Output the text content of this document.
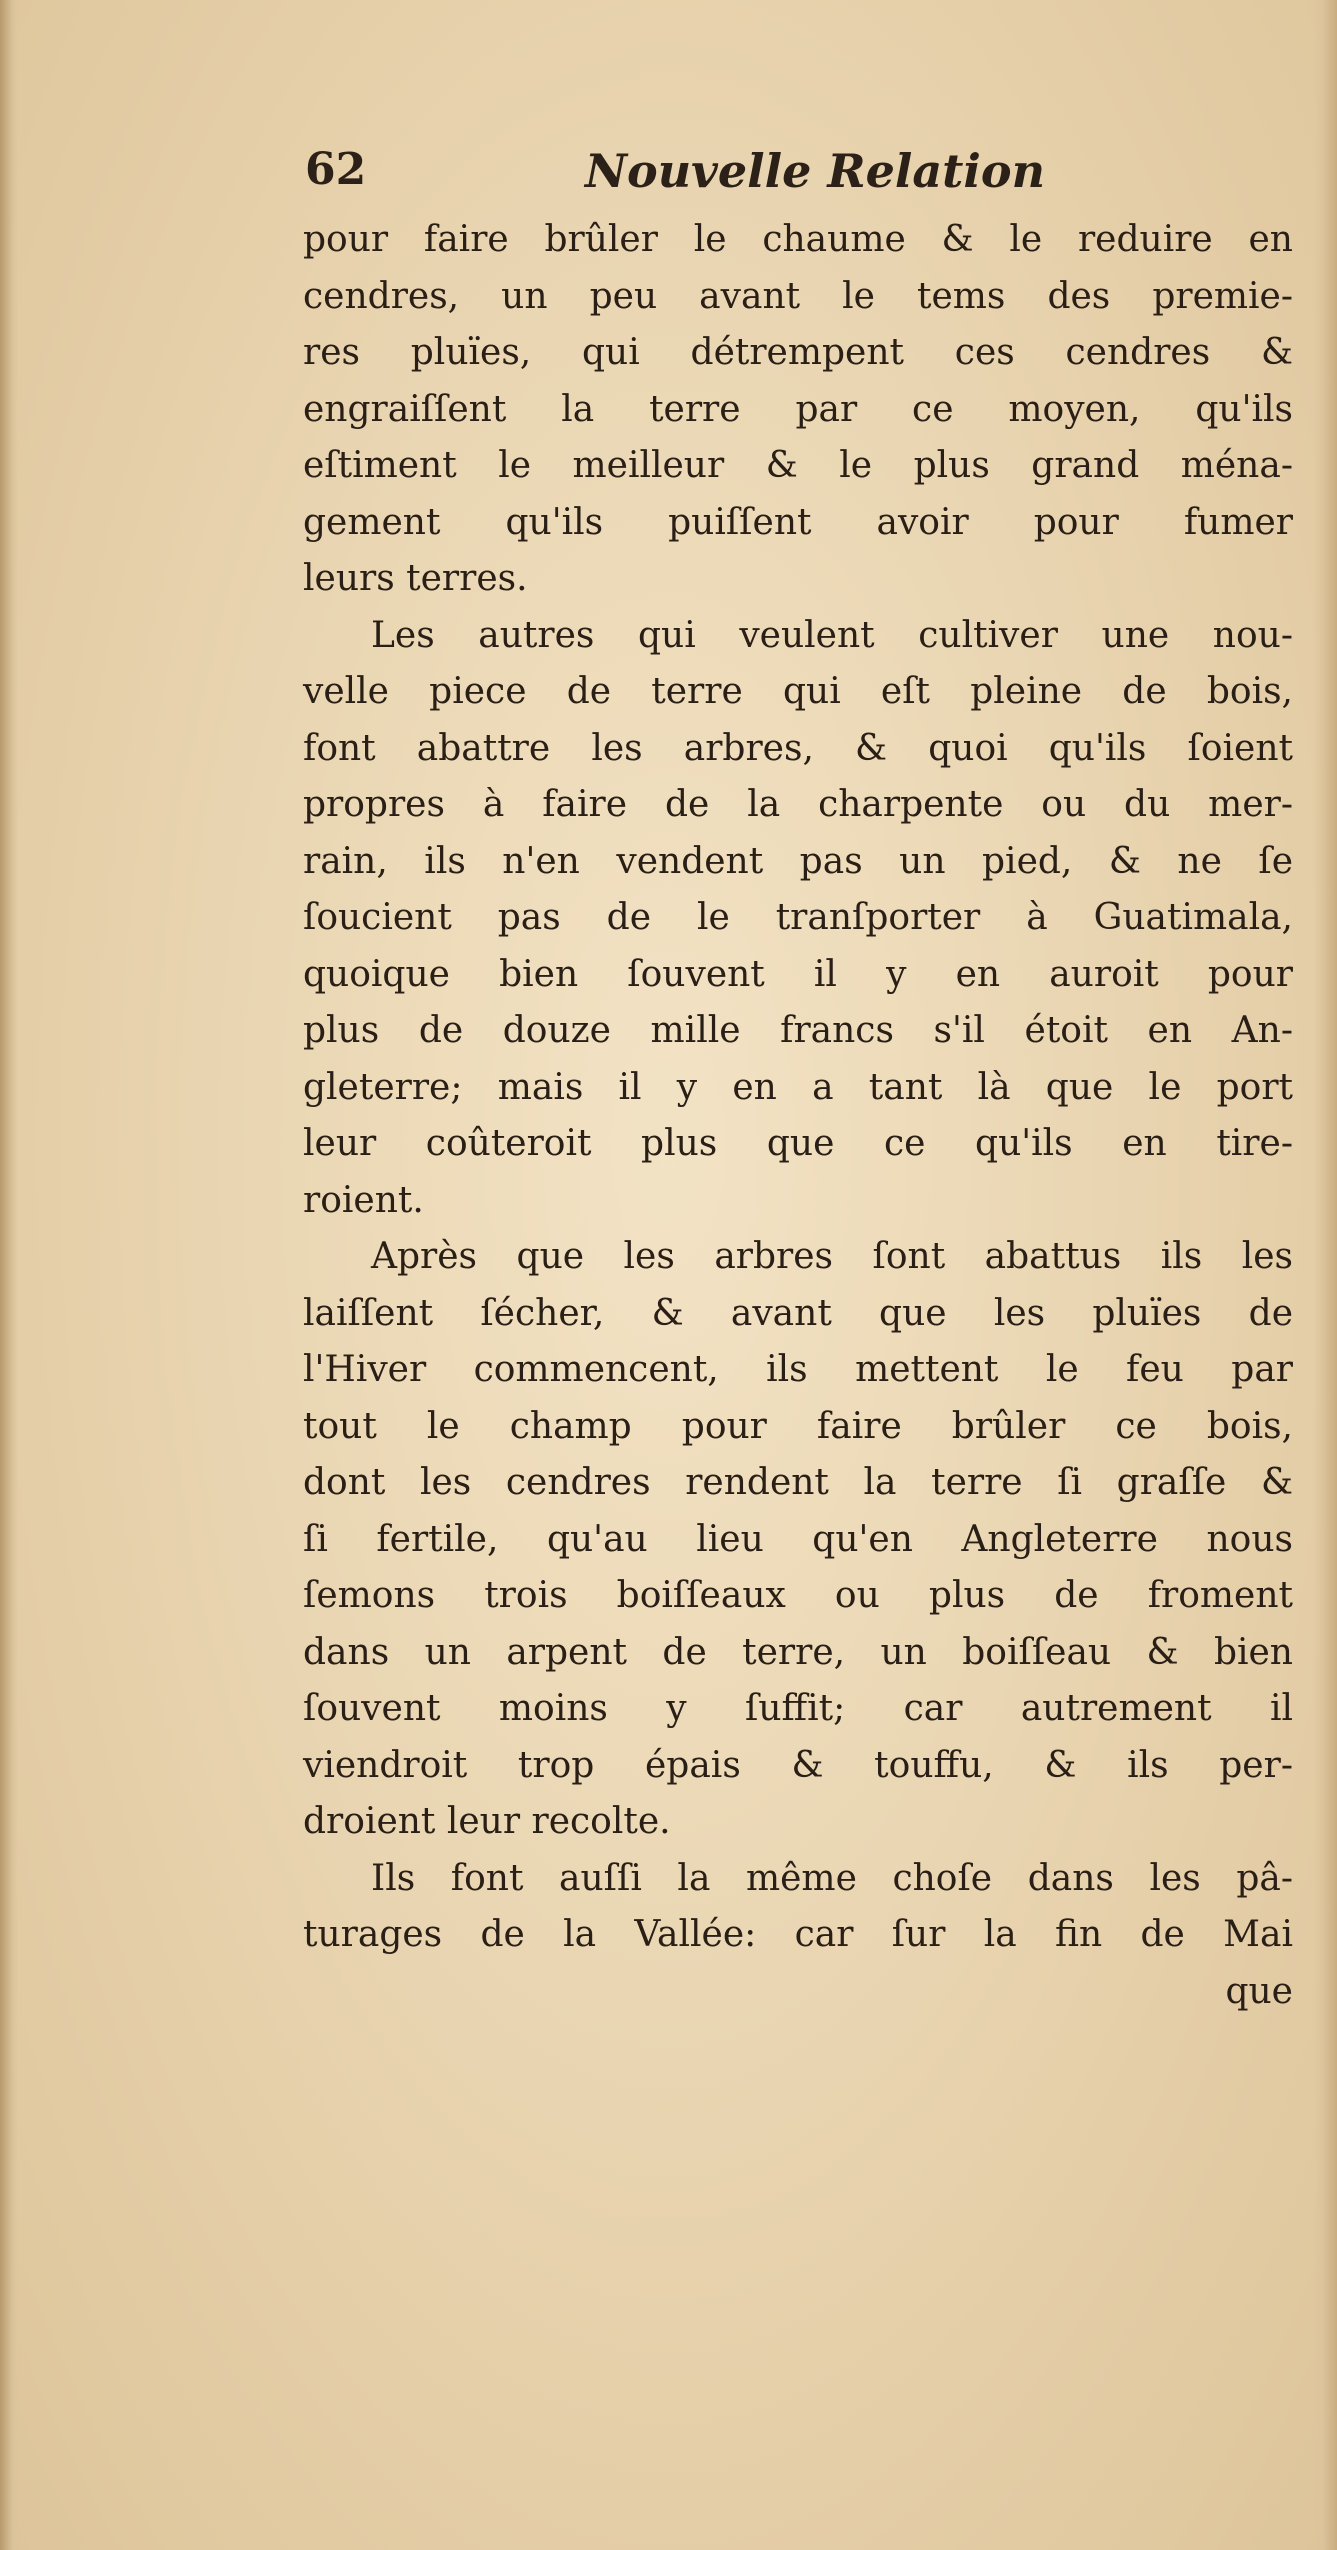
62	Nouvelle Relation
pour faire brûler le chaume & le reduire en
cendres, un peu avant le tems des premie-
res pluïes, qui détrempent ces cendres &
engraiſſent la terre par ce moyen, qu'ils
eſtiment le meilleur & le plus grand ména-
gement qu'ils puiſſent avoir pour fumer
leurs terres.
Les autres qui veulent cultiver une nou-
velle piece de terre qui eſt pleine de bois,
font abattre les arbres, & quoi qu'ils ſoient
propres à faire de la charpente ou du mer-
rain, ils n'en vendent pas un pied, & ne ſe
ſoucient pas de le tranſporter à Guatimala,
quoique bien ſouvent il y en auroit pour
plus de douze mille francs s'il étoit en An-
gleterre; mais il y en a tant là que le port
leur coûteroit plus que ce qu'ils en tire-
roient.
Après que les arbres ſont abattus ils les
laiſſent ſécher, & avant que les pluïes de
l'Hiver commencent, ils mettent le feu par
tout le champ pour faire brûler ce bois,
dont les cendres rendent la terre ſi graſſe &
ſi fertile, qu'au lieu qu'en Angleterre nous
ſemons trois boiſſeaux ou plus de froment
dans un arpent de terre, un boiſſeau & bien
ſouvent moins y ſuffit; car autrement il
viendroit trop épais & touffu, & ils per-
droient leur recolte.
Ils font auſſi la même choſe dans les pâ-
turages de la Vallée: car ſur la fin de Mai
que
